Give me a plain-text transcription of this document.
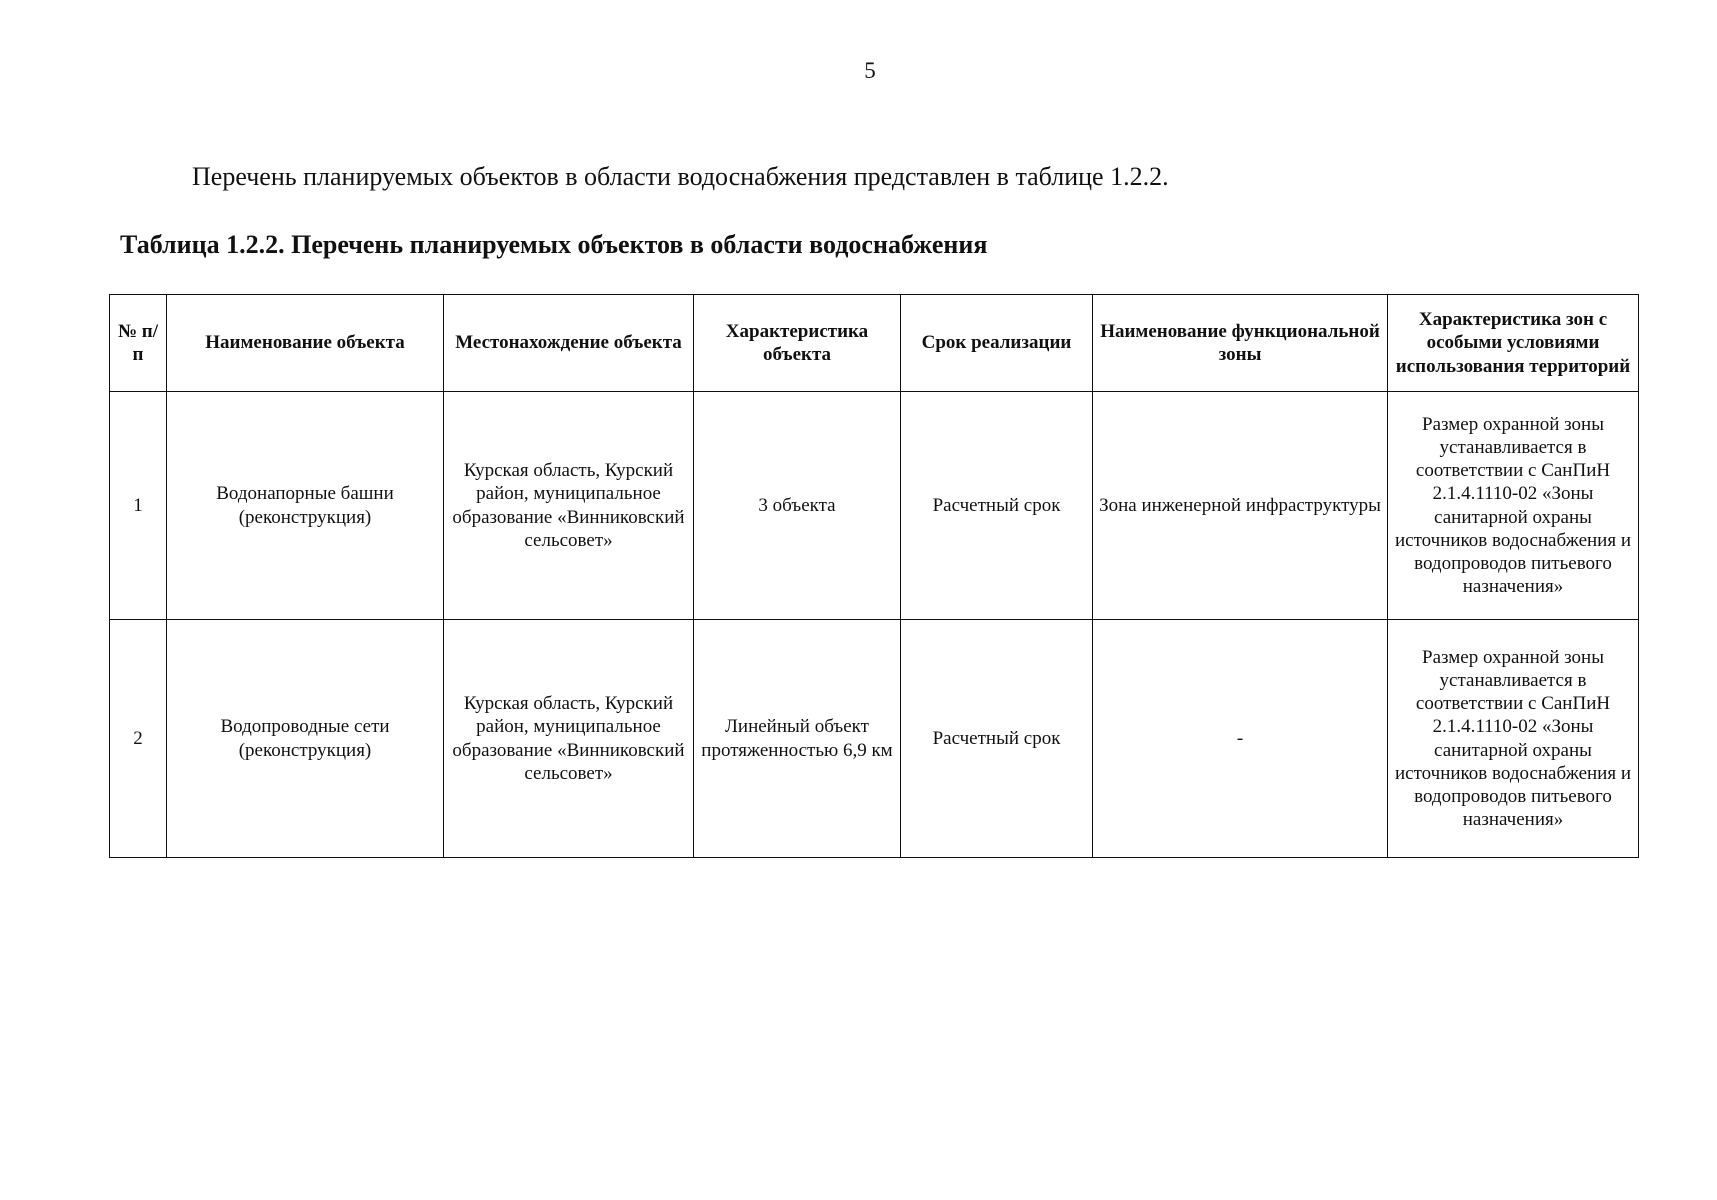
5
Перечень планируемых объектов в области водоснабжения представлен в таблице 1.2.2.
Таблица 1.2.2. Перечень планируемых объектов в области водоснабжения
№ п/п	Наименование объекта	Местонахождение объекта	Характеристика объекта	Срок реализации	Наименование функциональной зоны	Характеристика зон с особыми условиями использования территорий
1	Водонапорные башни (реконструкция)	Курская область, Курский район, муниципальное образование «Винниковский сельсовет»	3 объекта	Расчетный срок	Зона инженерной инфраструктуры	Размер охранной зоны устанавливается в соответствии с СанПиН 2.1.4.1110-02 «Зоны санитарной охраны источников водоснабжения и водопроводов питьевого назначения»
2	Водопроводные сети (реконструкция)	Курская область, Курский район, муниципальное образование «Винниковский сельсовет»	Линейный объект протяженностью 6,9 км	Расчетный срок	-	Размер охранной зоны устанавливается в соответствии с СанПиН 2.1.4.1110-02 «Зоны санитарной охраны источников водоснабжения и водопроводов питьевого назначения»
